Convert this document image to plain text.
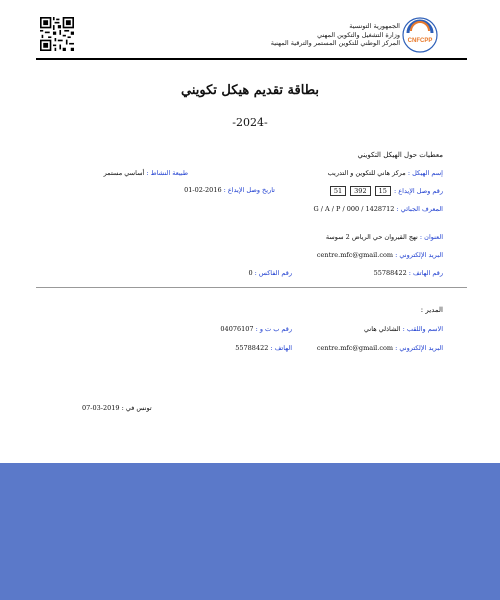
CNFCPP
الجمهورية التونسية
وزارة التشغيل والتكوين المهني
المركز الوطني للتكوين المستمر والترقية المهنية
بطاقة تقديم هيكل تكويني
-2024-
معطيات حول الهيكل التكويني
إسم الهيكل : مركز هاني للتكوين و التدريب
طبيعة النشاط : أساسي مستمر
رقم وصل الإيداع : 51 392 15
تاريخ وصل الإيداع : 2016-02-01
المعرف الجبائي : 1428712 / G / A / P / 000
العنوان : نهج القيروان حي الرياض 2 سوسة
البريد الإلكتروني : centre.mfc@gmail.com
رقم الهاتف : 55788422
رقم الفاكس : 0
المدير :
الاسم واللقب : الشاذلي هاني
رقم ب ت و : 04076107
البريد الإلكتروني : centre.mfc@gmail.com
الهاتف : 55788422
تونس في : 2019-03-07
